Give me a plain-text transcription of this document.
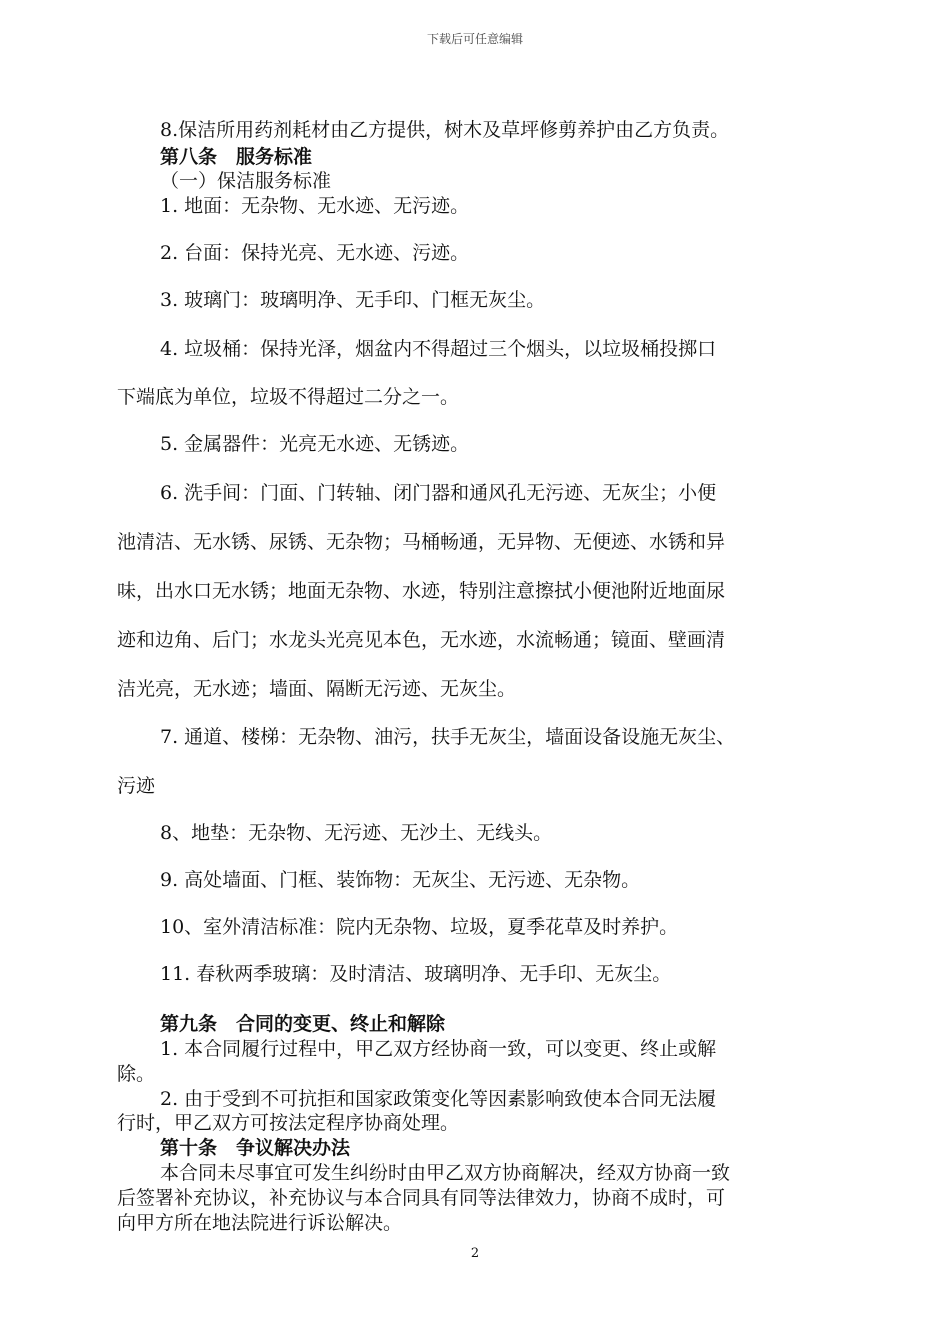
下载后可任意编辑
8.保洁所用药剂耗材由乙方提供，树木及草坪修剪养护由乙方负责。
第八条　服务标准
（一）保洁服务标准
1. 地面：无杂物、无水迹、无污迹。
2. 台面：保持光亮、无水迹、污迹。
3. 玻璃门：玻璃明净、无手印、门框无灰尘。
4. 垃圾桶：保持光泽，烟盆内不得超过三个烟头，以垃圾桶投掷口
下端底为单位，垃圾不得超过二分之一。
5. 金属器件：光亮无水迹、无锈迹。
6. 洗手间：门面、门转轴、闭门器和通风孔无污迹、无灰尘；小便
池清洁、无水锈、尿锈、无杂物；马桶畅通，无异物、无便迹、水锈和异
味，出水口无水锈；地面无杂物、水迹，特别注意擦拭小便池附近地面尿
迹和边角、后门；水龙头光亮见本色，无水迹，水流畅通；镜面、壁画清
洁光亮，无水迹；墙面、隔断无污迹、无灰尘。
7. 通道、楼梯：无杂物、油污，扶手无灰尘，墙面设备设施无灰尘、
污迹
8、地垫：无杂物、无污迹、无沙土、无线头。
9. 高处墙面、门框、装饰物：无灰尘、无污迹、无杂物。
10、室外清洁标准：院内无杂物、垃圾，夏季花草及时养护。
11. 春秋两季玻璃：及时清洁、玻璃明净、无手印、无灰尘。
第九条　合同的变更、终止和解除
1. 本合同履行过程中，甲乙双方经协商一致，可以变更、终止或解
除。
2. 由于受到不可抗拒和国家政策变化等因素影响致使本合同无法履
行时，甲乙双方可按法定程序协商处理。
第十条　争议解决办法
本合同未尽事宜可发生纠纷时由甲乙双方协商解决，经双方协商一致
后签署补充协议，补充协议与本合同具有同等法律效力，协商不成时，可
向甲方所在地法院进行诉讼解决。
2
